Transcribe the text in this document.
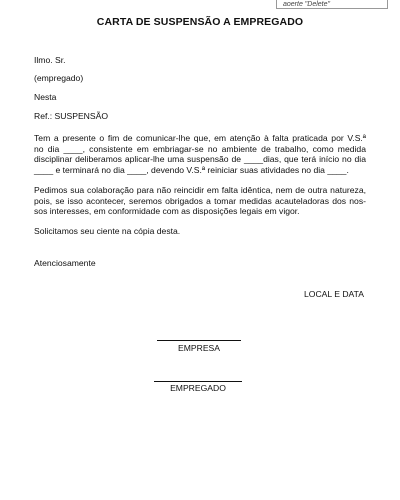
aoerte "Delete"
CARTA DE SUSPENSÃO A EMPREGADO
Ilmo. Sr.
(empregado)
Nesta
Ref.: SUSPENSÃO
Tem a presente o fim de comunicar-lhe que, em atenção à falta praticada por V.S.ª
no dia ____, consistente em embriagar-se no ambiente de trabalho, como medida
disciplinar deliberamos aplicar-lhe uma suspensão de ____dias, que terá início no dia
____ e terminará no dia ____, devendo V.S.ª reiniciar suas atividades no dia ____.
Pedimos sua colaboração para não reincidir em falta idêntica, nem de outra natureza,
pois, se isso acontecer, seremos obrigados a tomar medidas acauteladoras dos nos-
sos interesses, em conformidade com as disposições legais em vigor.
Solicitamos seu ciente na cópia desta.
Atenciosamente
LOCAL E DATA
EMPRESA
EMPREGADO
